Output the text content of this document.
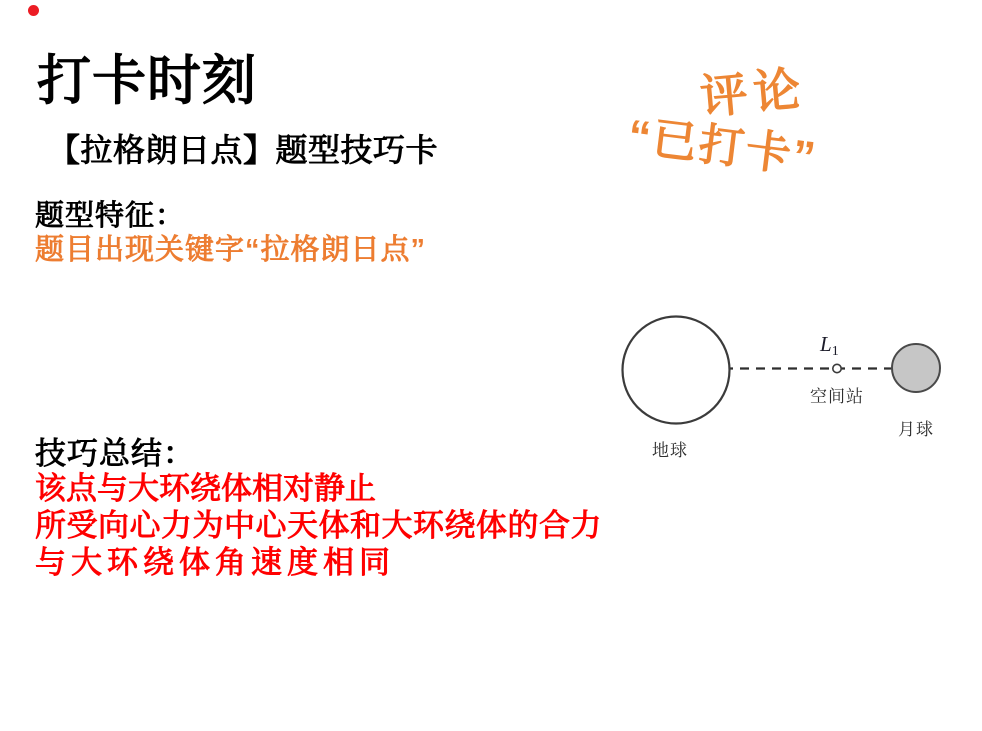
打卡时刻
【拉格朗日点】题型技巧卡
评论
“已打卡”
题型特征：
题目出现关键字“拉格朗日点”
$L_1$
空间站
地球
月球
技巧总结：
该点与大环绕体相对静止
所受向心力为中心天体和大环绕体的合力
与大环绕体角速度相同
